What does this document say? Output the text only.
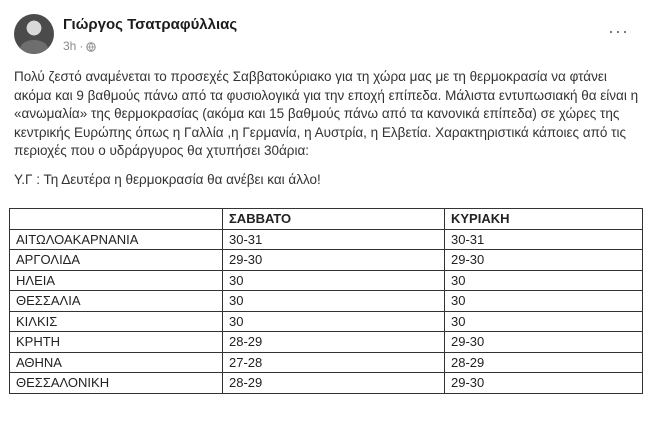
Γιώργος Τσατραφύλλιας
3h ·
···

Πολύ ζεστό αναμένεται το προσεχές Σαββατοκύριακο για τη χώρα μας με τη θερμοκρασία να φτάνει ακόμα και 9 βαθμούς πάνω από τα φυσιολογικά για την εποχή επίπεδα. Μάλιστα εντυπωσιακή θα είναι η «ανωμαλία» της θερμοκρασίας (ακόμα και 15 βαθμούς πάνω από τα κανονικά επίπεδα) σε χώρες της κεντρικής Ευρώπης όπως η Γαλλία ,η Γερμανία, η Αυστρία, η Ελβετία. Χαρακτηριστικά κάποιες από τις περιοχές που ο υδράργυρος θα χτυπήσει 30άρια:

Υ.Γ : Τη Δευτέρα η θερμοκρασία θα ανέβει και άλλο!

	ΣΑΒΒΑΤΟ	ΚΥΡΙΑΚΗ
ΑΙΤΩΛΟΑΚΑΡΝΑΝΙΑ	30-31	30-31
ΑΡΓΟΛΙΔΑ	29-30	29-30
ΗΛΕΙΑ	30	30
ΘΕΣΣΑΛΙΑ	30	30
ΚΙΛΚΙΣ	30	30
ΚΡΗΤΗ	28-29	29-30
ΑΘΗΝΑ	27-28	28-29
ΘΕΣΣΑΛΟΝΙΚΗ	28-29	29-30
